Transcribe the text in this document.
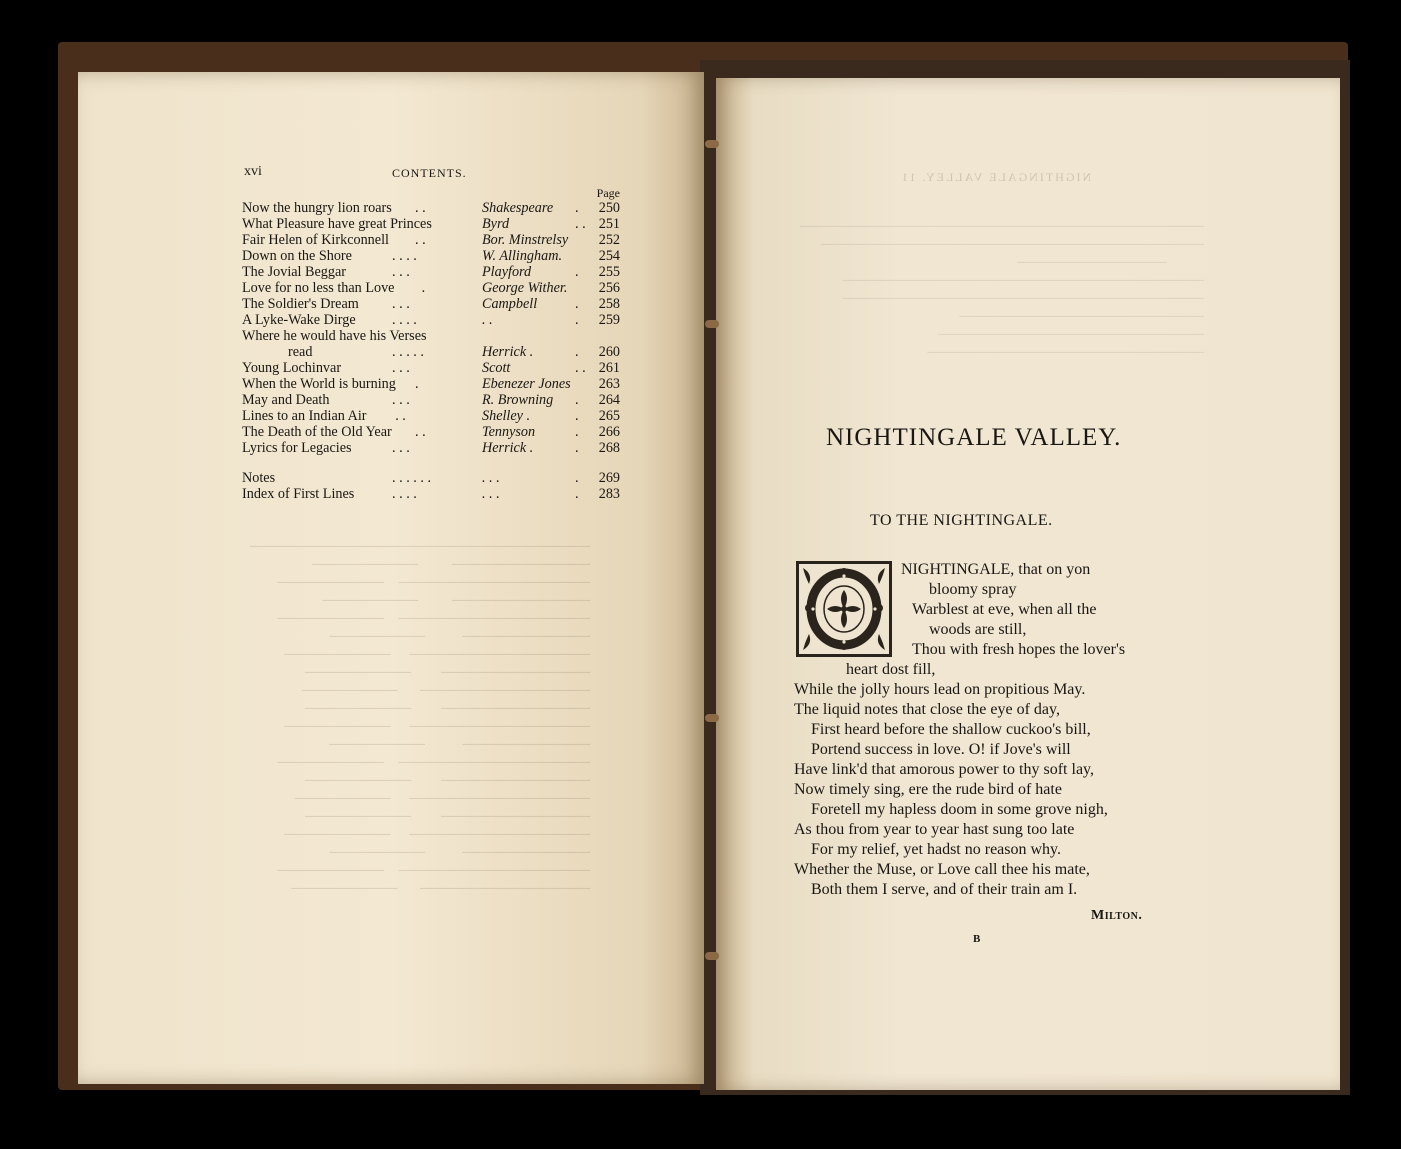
────────────────────────────────
─────────────         ──────────
──────────────────    ──────────
─────────────         ─────────
──────────────────    ──────────
────────────          ─────────
─────────────────     ──────────
──────────────        ──────────
────────────────      ─────────
──────────────        ──────────
─────────────────     ──────────
────────────          ─────────
──────────────────    ──────────
──────────────        ──────────
─────────────────     ─────────
──────────────        ──────────
─────────────────     ──────────
────────────          ─────────
──────────────────    ──────────
────────────────      ──────────

──────────────────────────────────────
────────────────────────────────────
──────────────
──────────────────────────────────
──────────────────────────────────
───────────────────────
─────────────────────────
──────────────────────────

NIGHTINGALE VALLEY. 11
xvi	CONTENTS.
Page
Now the hungry lion roars . .	Shakespeare . 250
What Pleasure have great Princes	Byrd	. . 251
Fair Helen of Kirkconnell . .	Bor. Minstrelsy 252
Down on the Shore	. . . .	W. Allingham.	254
The Jovial Beggar	. . .	Playford	. 255
Love for no less than Love .	George Wither. 256
The Soldier's Dream . . .	Campbell	. 258
A Lyke-Wake Dirge	. . . .	. .	. 259
Where he would have his Verses
read	. . . . .	Herrick .	. 260
Young Lochinvar	. . .	Scott	. . 261
When the World is burning .	Ebenezer Jones 263
May and Death	. . .	R. Browning . 264
Lines to an Indian Air . .	Shelley .	. 265
The Death of the Old Year . .	Tennyson	. 266
Lyrics for Legacies	. . .	Herrick .	. 268
Notes	. . . . . .	. . .	. 269
Index of First Lines	. . . .	. . .	. 283
NIGHTINGALE VALLEY.
TO THE NIGHTINGALE.
NIGHTINGALE, that on yon
bloomy spray
Warblest at eve, when all the
woods are still,
Thou with fresh hopes the lover's
heart dost fill,
While the jolly hours lead on propitious May.
The liquid notes that close the eye of day,
First heard before the shallow cuckoo's bill,
Portend success in love. O! if Jove's will
Have link'd that amorous power to thy soft lay,
Now timely sing, ere the rude bird of hate
Foretell my hapless doom in some grove nigh,
As thou from year to year hast sung too late
For my relief, yet hadst no reason why.
Whether the Muse, or Love call thee his mate,
Both them I serve, and of their train am I.
Milton.
B
